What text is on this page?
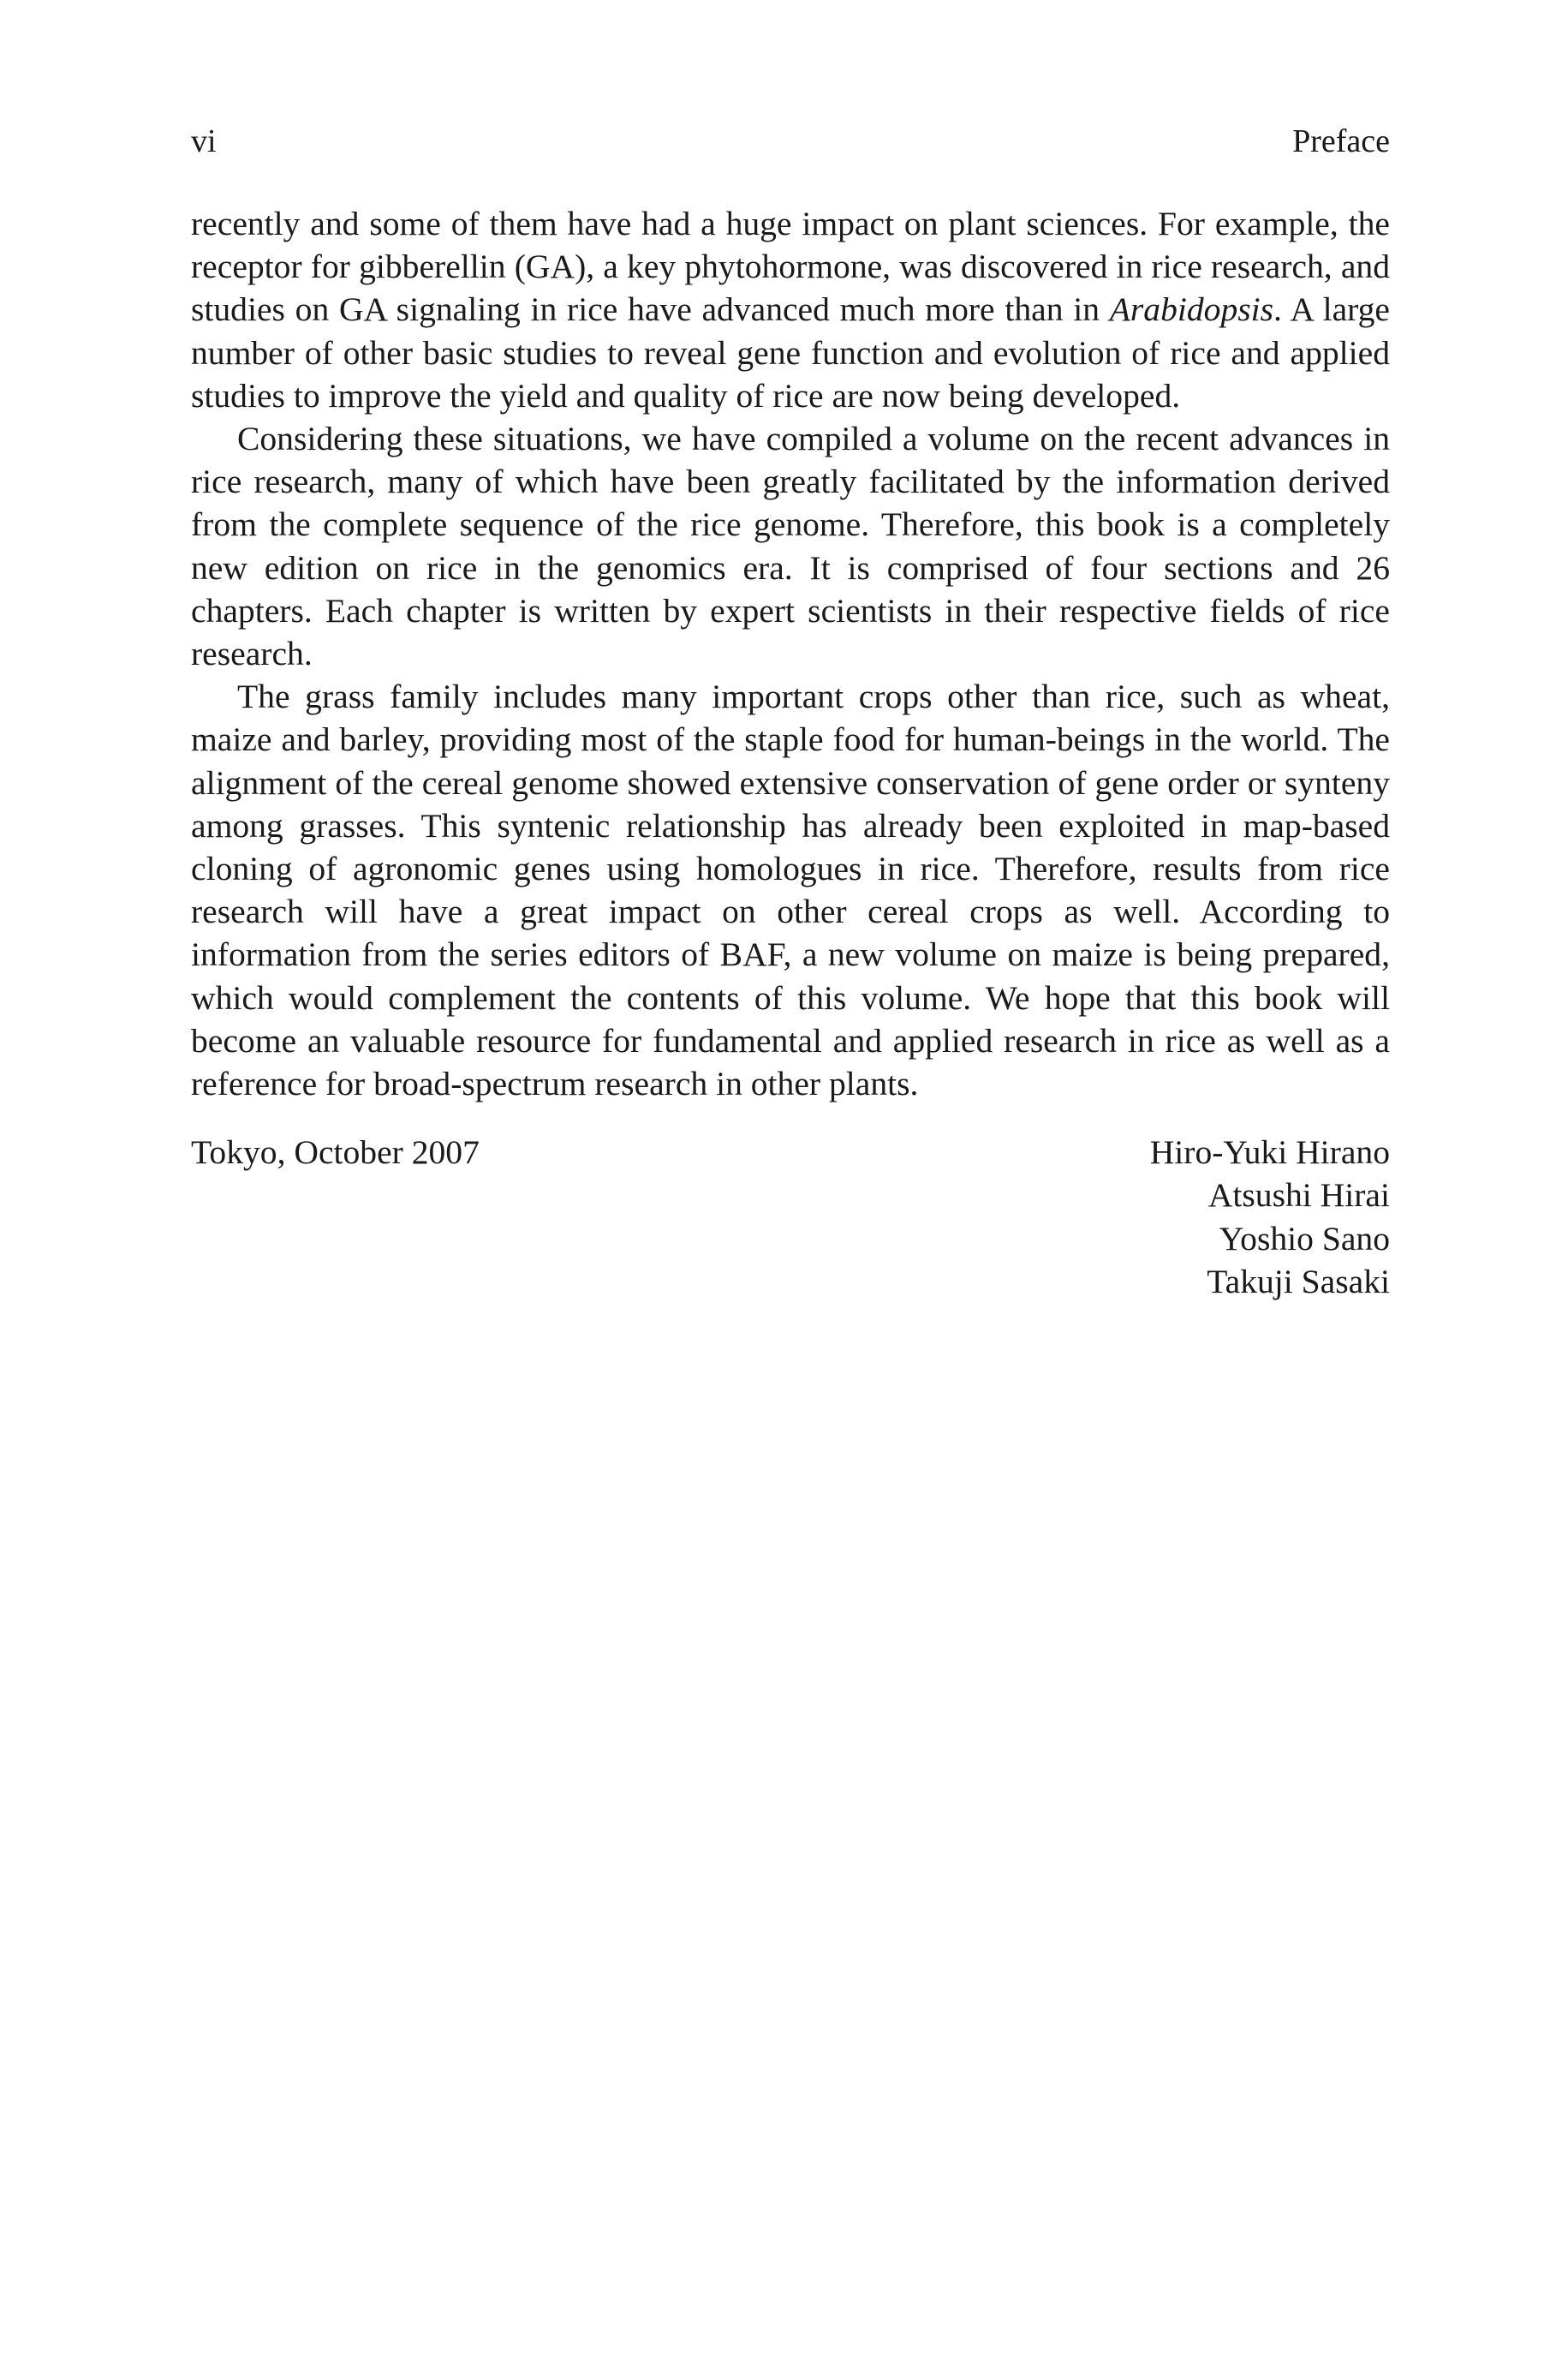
vi	Preface

recently and some of them have had a huge impact on plant sciences. For example, the receptor for gibberellin (GA), a key phytohormone, was discovered in rice research, and studies on GA signaling in rice have advanced much more than in Arabidopsis. A large number of other basic studies to reveal gene function and evolution of rice and applied studies to improve the yield and quality of rice are now being developed.

Considering these situations, we have compiled a volume on the recent advances in rice research, many of which have been greatly facilitated by the information derived from the complete sequence of the rice genome. Therefore, this book is a completely new edition on rice in the genomics era. It is comprised of four sections and 26 chapters. Each chapter is written by expert scientists in their respective fields of rice research.

The grass family includes many important crops other than rice, such as wheat, maize and barley, providing most of the staple food for human-beings in the world. The alignment of the cereal genome showed extensive conservation of gene order or synteny among grasses. This syntenic relationship has already been exploited in map-based cloning of agronomic genes using homologues in rice. Therefore, results from rice research will have a great impact on other cereal crops as well. According to information from the series editors of BAF, a new volume on maize is being prepared, which would complement the contents of this volume. We hope that this book will become an valuable resource for fundamental and applied research in rice as well as a reference for broad-spectrum research in other plants.

Tokyo, October 2007	Hiro-Yuki Hirano
Atsushi Hirai
Yoshio Sano
Takuji Sasaki
